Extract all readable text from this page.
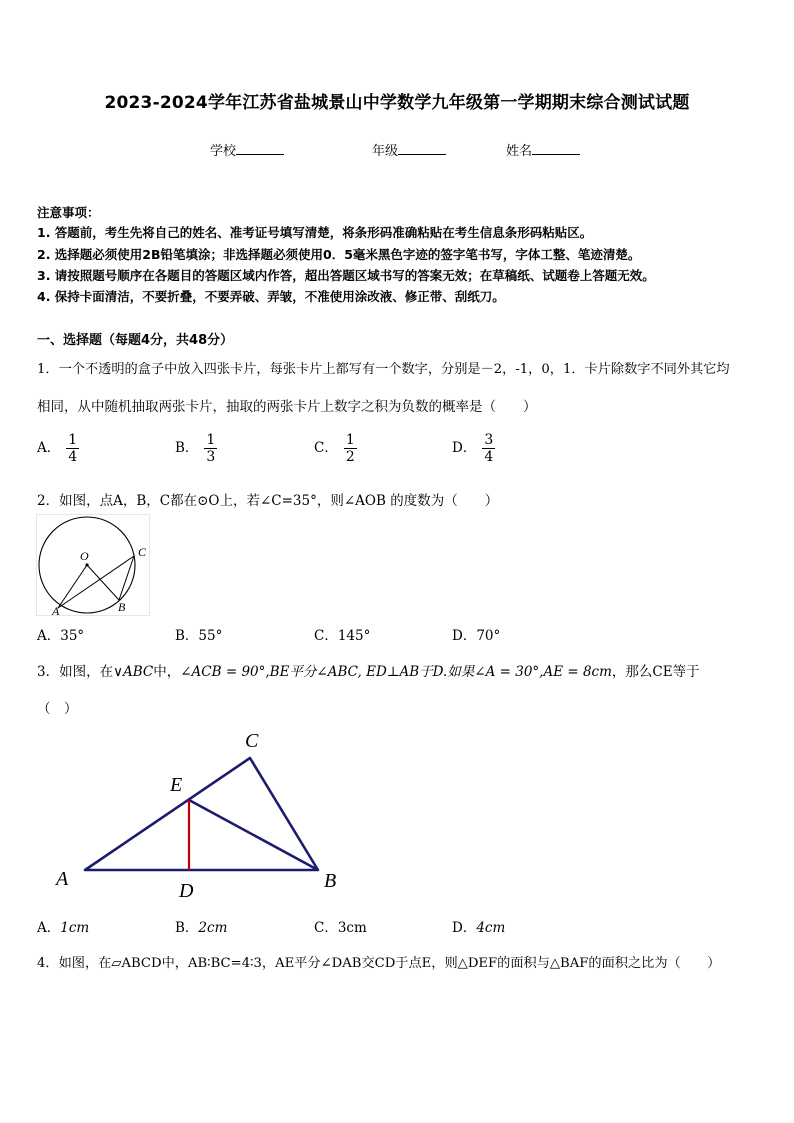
2023-2024学年江苏省盐城景山中学数学九年级第一学期期末综合测试试题
学校	年级	姓名
注意事项：
1. 答题前，考生先将自己的姓名、准考证号填写清楚，将条形码准确粘贴在考生信息条形码粘贴区。
2. 选择题必须使用2B铅笔填涂；非选择题必须使用0．5毫米黑色字迹的签字笔书写，字体工整、笔迹清楚。
3. 请按照题号顺序在各题目的答题区域内作答，超出答题区域书写的答案无效；在草稿纸、试题卷上答题无效。
4. 保持卡面清洁，不要折叠，不要弄破、弄皱，不准使用涂改液、修正带、刮纸刀。
一、选择题（每题4分，共48分）
1．一个不透明的盒子中放入四张卡片，每张卡片上都写有一个数字，分别是－2，-1，0，1．卡片除数字不同外其它均
相同，从中随机抽取两张卡片，抽取的两张卡片上数字之积为负数的概率是（　　）
A． $\frac{1}{4}$	B． $\frac{1}{3}$	C． $\frac{1}{2}$	D． $\frac{3}{4}$
2．如图，点A，B，C都在⊙O上，若∠C=35°，则∠AOB 的度数为（　　）
O
A	B
C
A．35°	B．55°	C．145°	D．70°
3．如图，在∨ABC中，∠ACB = 90°,BE平分∠ABC, ED⊥AB于D.如果∠A = 30°,AE = 8cm，那么CE等于
（　）
A	B
C
D
E
A．1cm	B．2cm	C．3cm	D．4cm
4．如图，在▱ABCD中，AB∶BC=4∶3，AE平分∠DAB交CD于点E，则△DEF的面积与△BAF的面积之比为（　　）
